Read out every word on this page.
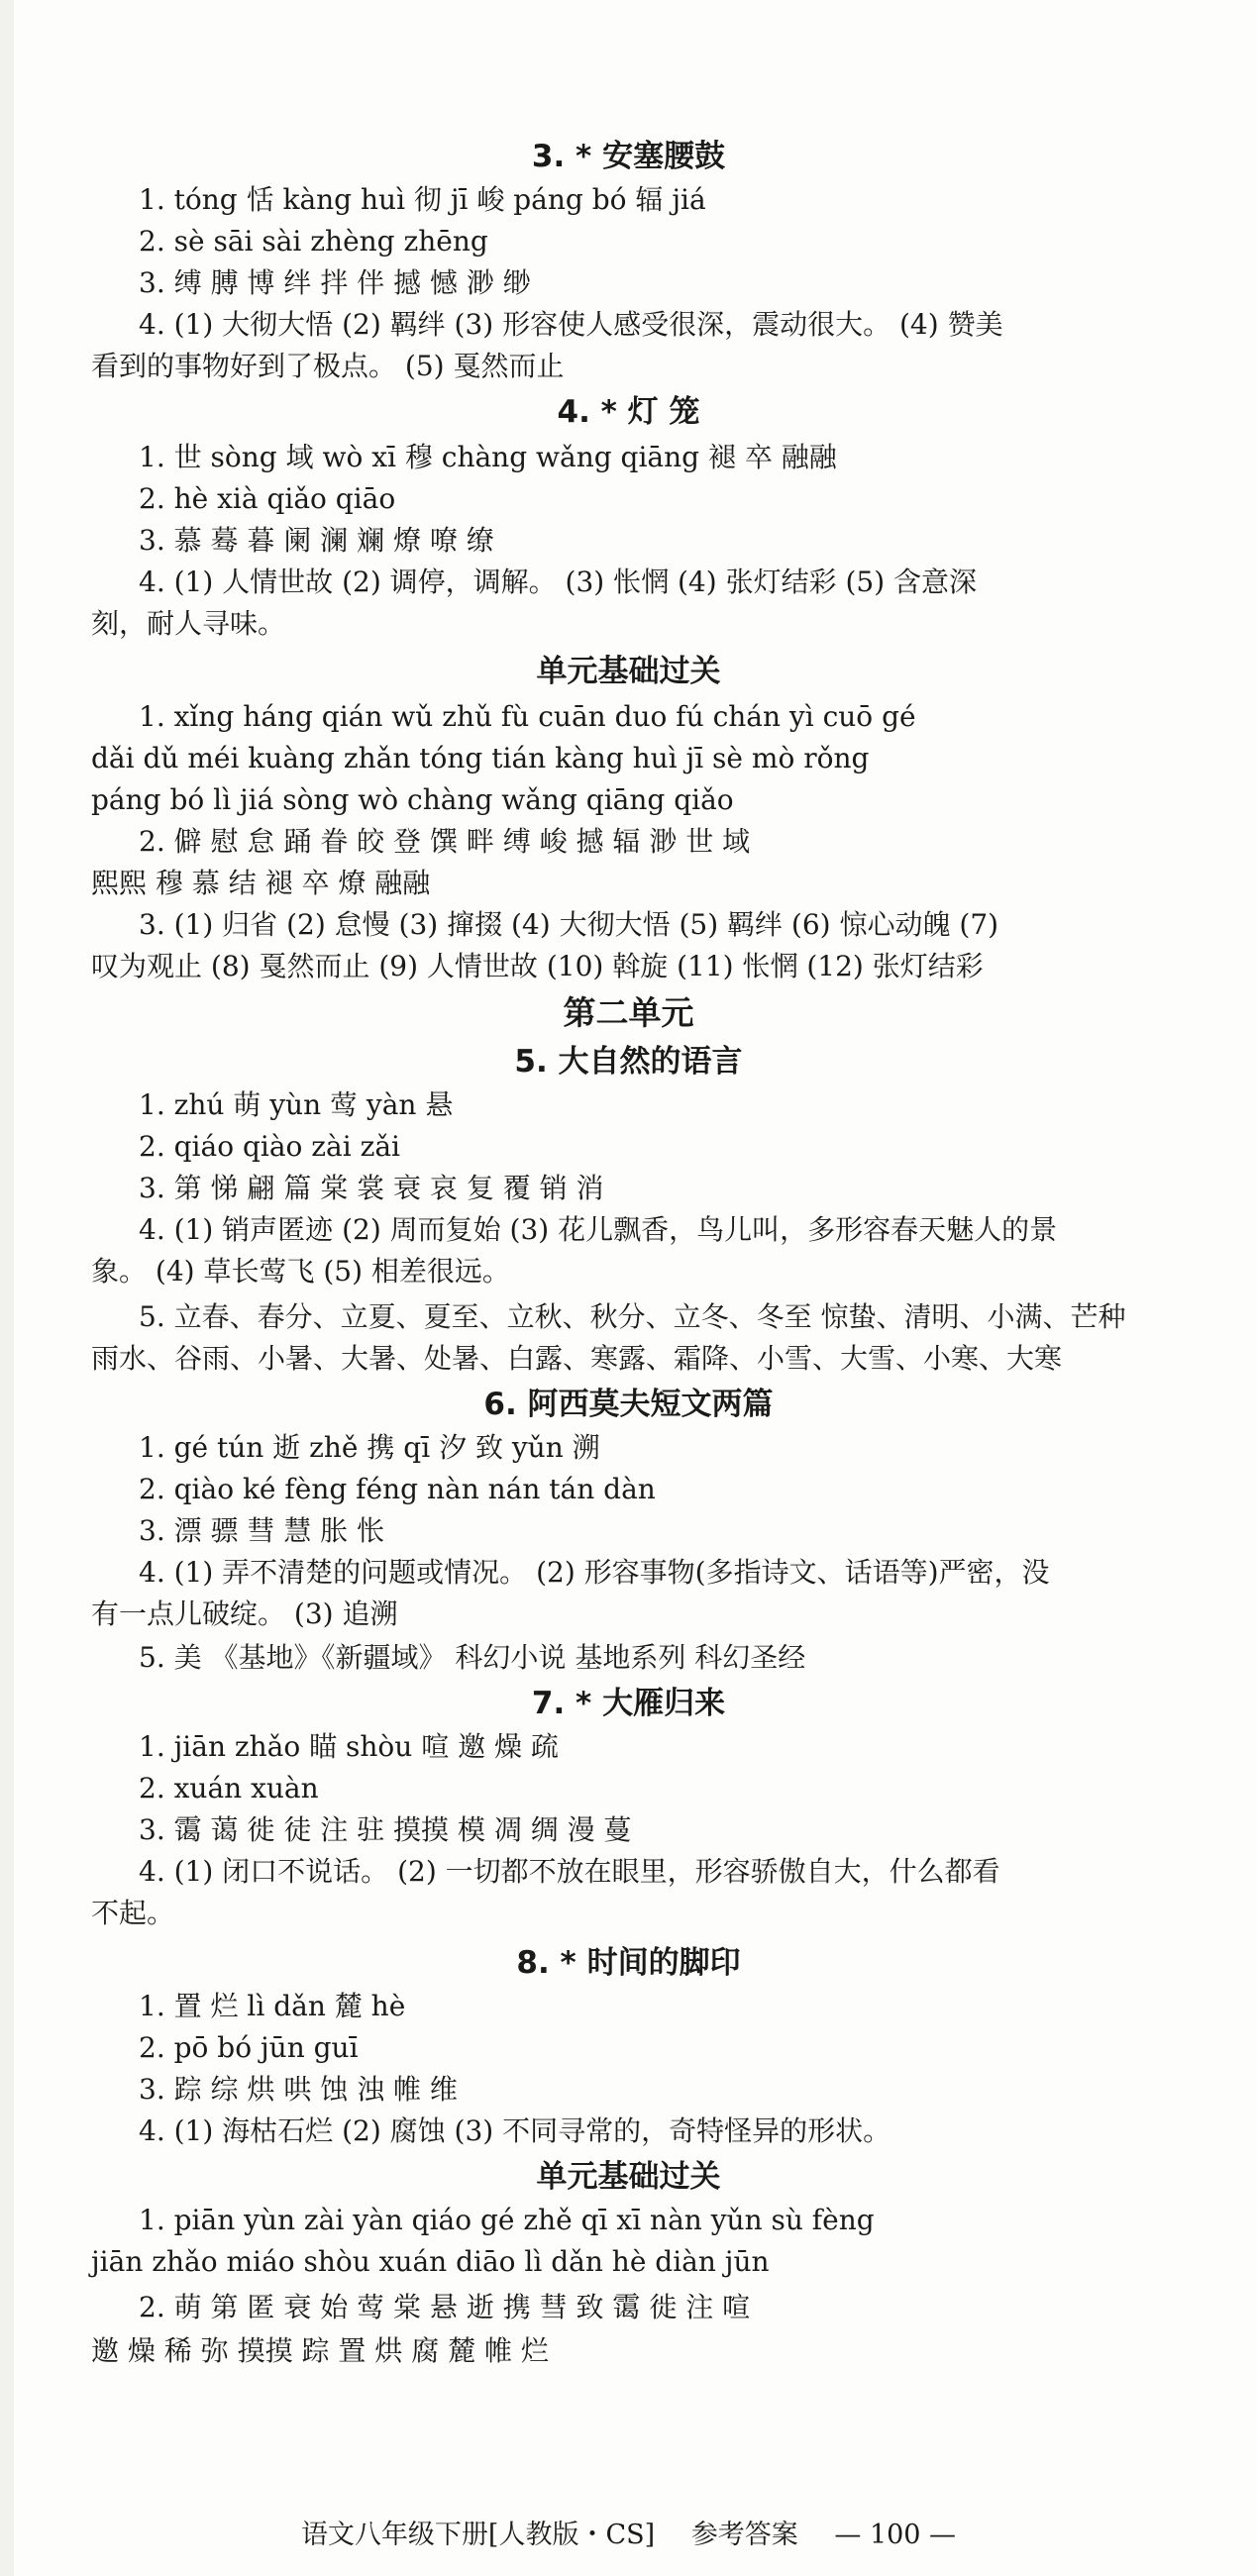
3. * 安塞腰鼓
1. tóng 恬 kàng huì 彻 jī 峻 páng bó 辐 jiá
2. sè sāi sài zhèng zhēng
3. 缚 膊 博 绊 拌 伴 撼 憾 渺 缈
4. (1) 大彻大悟 (2) 羁绊 (3) 形容使人感受很深，震动很大。 (4) 赞美
看到的事物好到了极点。 (5) 戛然而止
4. * 灯 笼
1. 世 sòng 域 wò xī 穆 chàng wǎng qiāng 褪 卒 融融
2. hè xià qiǎo qiāo
3. 慕 蓦 暮 阑 澜 斓 燎 嘹 缭
4. (1) 人情世故 (2) 调停，调解。 (3) 怅惘 (4) 张灯结彩 (5) 含意深
刻，耐人寻味。
单元基础过关
1. xǐng háng qián wǔ zhǔ fù cuān duo fú chán yì cuō gé
dǎi dǔ méi kuàng zhǎn tóng tián kàng huì jī sè mò rǒng
páng bó lì jiá sòng wò chàng wǎng qiāng qiǎo
2. 僻 慰 怠 踊 眷 皎 登 馔 畔 缚 峻 撼 辐 渺 世 域
熙熙 穆 慕 结 褪 卒 燎 融融
3. (1) 归省 (2) 怠慢 (3) 撺掇 (4) 大彻大悟 (5) 羁绊 (6) 惊心动魄 (7)
叹为观止 (8) 戛然而止 (9) 人情世故 (10) 斡旋 (11) 怅惘 (12) 张灯结彩
第二单元
5. 大自然的语言
1. zhú 萌 yùn 莺 yàn 悬
2. qiáo qiào zài zǎi
3. 第 悌 翩 篇 棠 裳 衰 哀 复 覆 销 消
4. (1) 销声匿迹 (2) 周而复始 (3) 花儿飘香，鸟儿叫，多形容春天魅人的景
象。 (4) 草长莺飞 (5) 相差很远。
5. 立春、春分、立夏、夏至、立秋、秋分、立冬、冬至 惊蛰、清明、小满、芒种
雨水、谷雨、小暑、大暑、处暑、白露、寒露、霜降、小雪、大雪、小寒、大寒
6. 阿西莫夫短文两篇
1. gé tún 逝 zhě 携 qī 汐 致 yǔn 溯
2. qiào ké fèng féng nàn nán tán dàn
3. 漂 骠 彗 慧 胀 怅
4. (1) 弄不清楚的问题或情况。 (2) 形容事物(多指诗文、话语等)严密，没
有一点儿破绽。 (3) 追溯
5. 美 《基地》《新疆域》 科幻小说 基地系列 科幻圣经
7. * 大雁归来
1. jiān zhǎo 瞄 shòu 喧 邀 燥 疏
2. xuán xuàn
3. 霭 蔼 徙 徒 注 驻 摸摸 模 凋 绸 漫 蔓
4. (1) 闭口不说话。 (2) 一切都不放在眼里，形容骄傲自大，什么都看
不起。
8. * 时间的脚印
1. 置 烂 lì dǎn 麓 hè
2. pō bó jūn guī
3. 踪 综 烘 哄 蚀 浊 帷 维
4. (1) 海枯石烂 (2) 腐蚀 (3) 不同寻常的，奇特怪异的形状。
单元基础过关
1. piān yùn zài yàn qiáo gé zhě qī xī nàn yǔn sù fèng
jiān zhǎo miáo shòu xuán diāo lì dǎn hè diàn jūn
2. 萌 第 匿 衰 始 莺 棠 悬 逝 携 彗 致 霭 徙 注 喧
邀 燥 稀 弥 摸摸 踪 置 烘 腐 麓 帷 烂
语文八年级下册[人教版・CS] 参考答案 — 100 —
